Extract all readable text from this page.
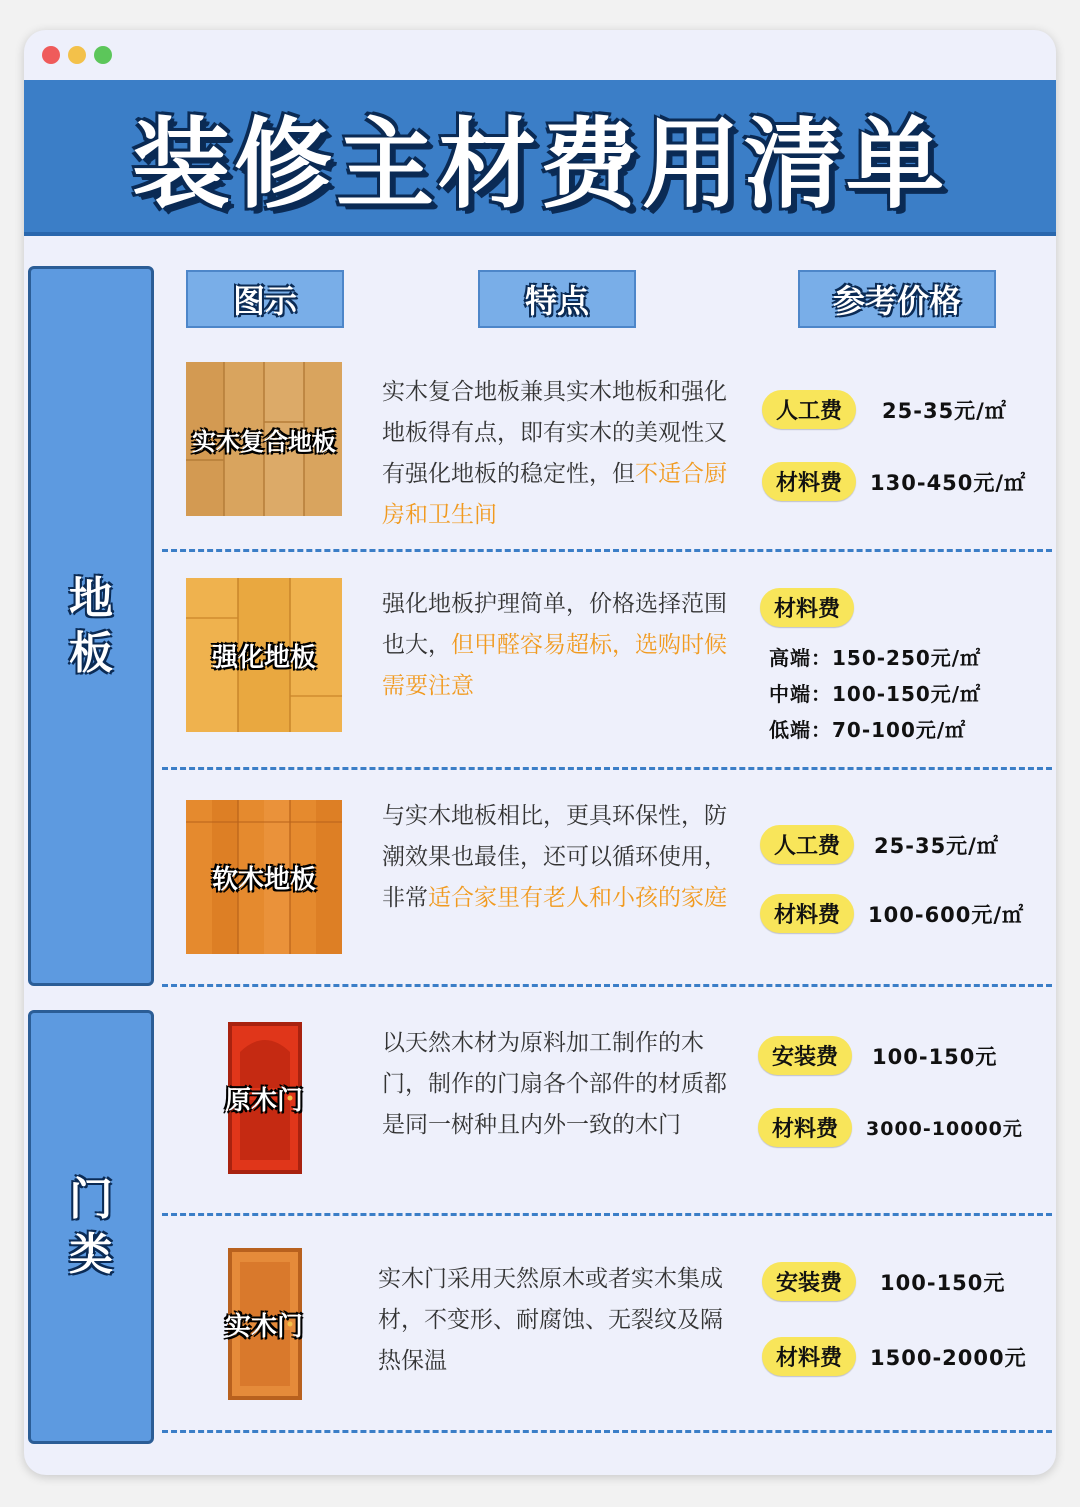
装修主材费用清单
图示	特点	参考价格
地
板
门
类
实木复合地板
实木复合地板兼具实木地板和强化地板得有点，即有实木的美观性又有强化地板的稳定性，但不适合厨房和卫生间
人工费	25-35元/㎡
材料费	130-450元/㎡
强化地板
强化地板护理简单，价格选择范围也大，但甲醛容易超标，选购时候需要注意
材料费
高端：150-250元/㎡
中端：100-150元/㎡
低端：70-100元/㎡
软木地板
与实木地板相比，更具环保性，防潮效果也最佳，还可以循环使用，非常适合家里有老人和小孩的家庭
人工费	25-35元/㎡
材料费	100-600元/㎡
原木门
以天然木材为原料加工制作的木门，制作的门扇各个部件的材质都是同一树种且内外一致的木门
安装费	100-150元
材料费	3000-10000元
实木门
实木门采用天然原木或者实木集成材，不变形、耐腐蚀、无裂纹及隔热保温
安装费	100-150元
材料费	1500-2000元
